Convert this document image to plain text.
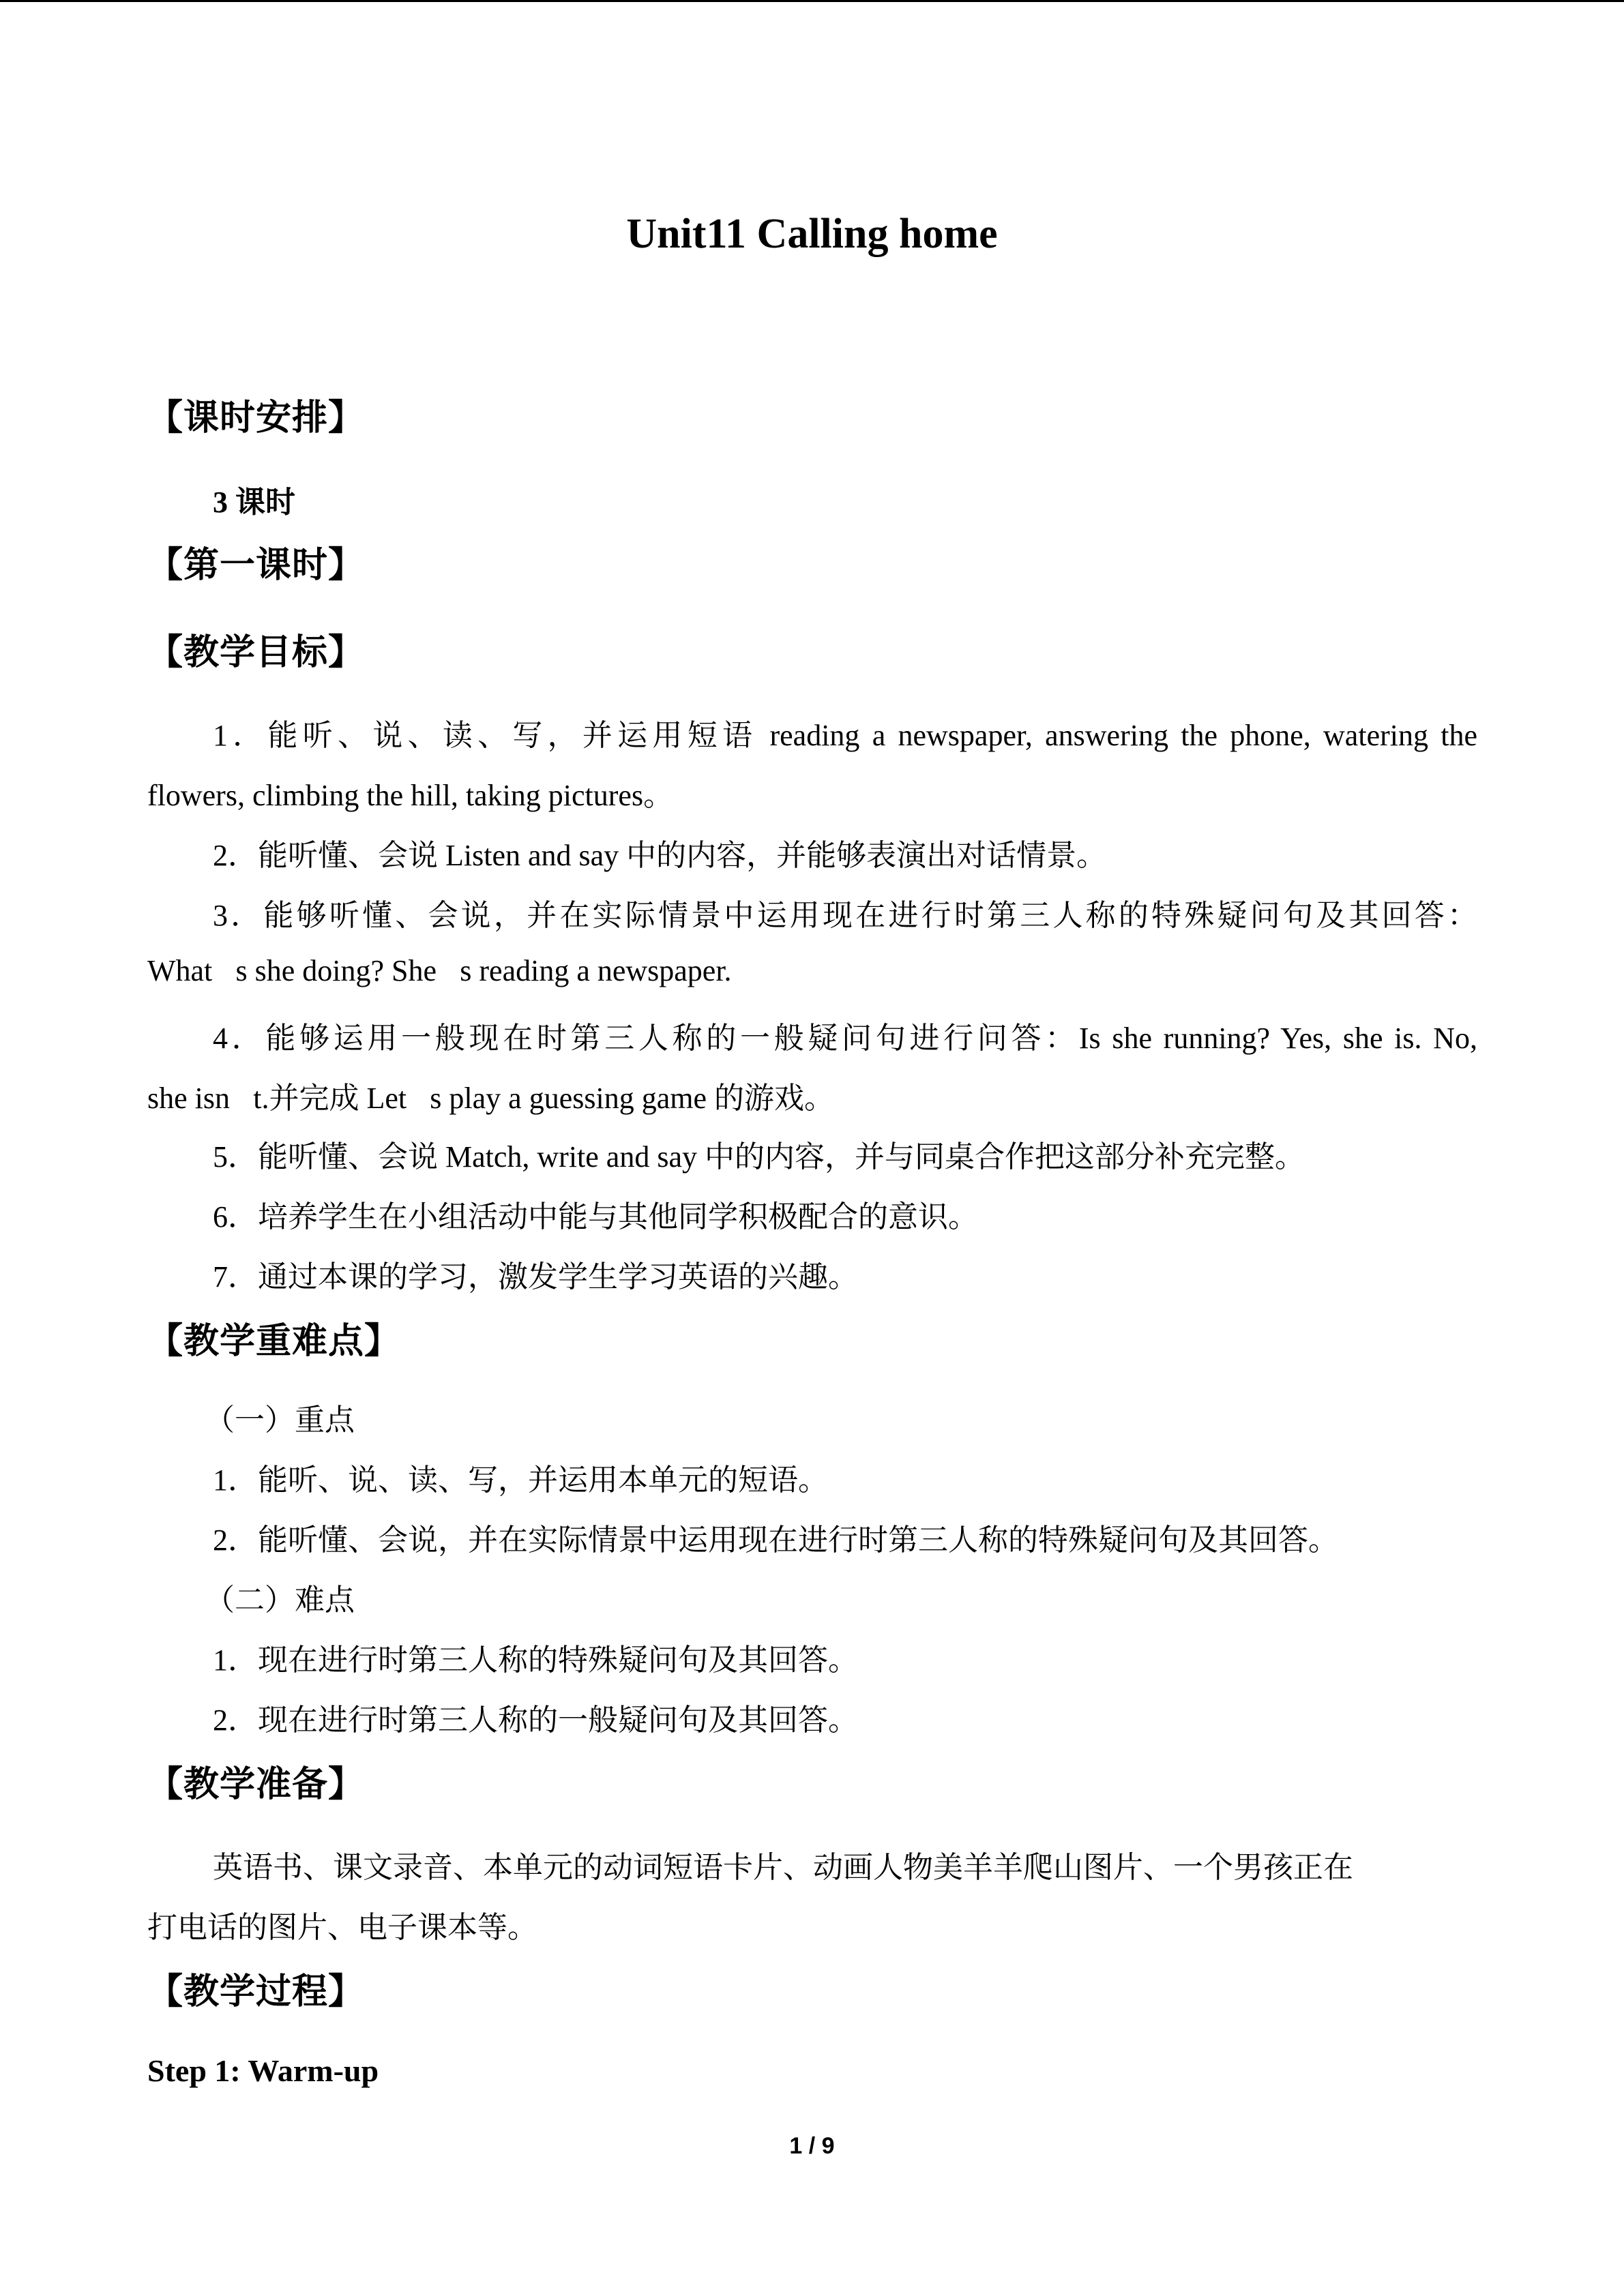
Unit11 Calling home
【课时安排】
3 课时
【第一课时】
【教学目标】
1．能听、说、读、写，并运用短语 reading a newspaper, answering the phone, watering the
flowers, climbing the hill, taking pictures。
2．能听懂、会说 Listen and say 中的内容，并能够表演出对话情景。
3．能够听懂、会说，并在实际情景中运用现在进行时第三人称的特殊疑问句及其回答：
What s she doing? She s reading a newspaper.
4．能够运用一般现在时第三人称的一般疑问句进行问答：Is she running? Yes, she is. No,
she isn t.并完成 Let s play a guessing game 的游戏。
5．能听懂、会说 Match, write and say 中的内容，并与同桌合作把这部分补充完整。
6．培养学生在小组活动中能与其他同学积极配合的意识。
7．通过本课的学习，激发学生学习英语的兴趣。
【教学重难点】
（一）重点
1．能听、说、读、写，并运用本单元的短语。
2．能听懂、会说，并在实际情景中运用现在进行时第三人称的特殊疑问句及其回答。
（二）难点
1．现在进行时第三人称的特殊疑问句及其回答。
2．现在进行时第三人称的一般疑问句及其回答。
【教学准备】
英语书、课文录音、本单元的动词短语卡片、动画人物美羊羊爬山图片、一个男孩正在
打电话的图片、电子课本等。
【教学过程】
Step 1: Warm-up
1 / 9
